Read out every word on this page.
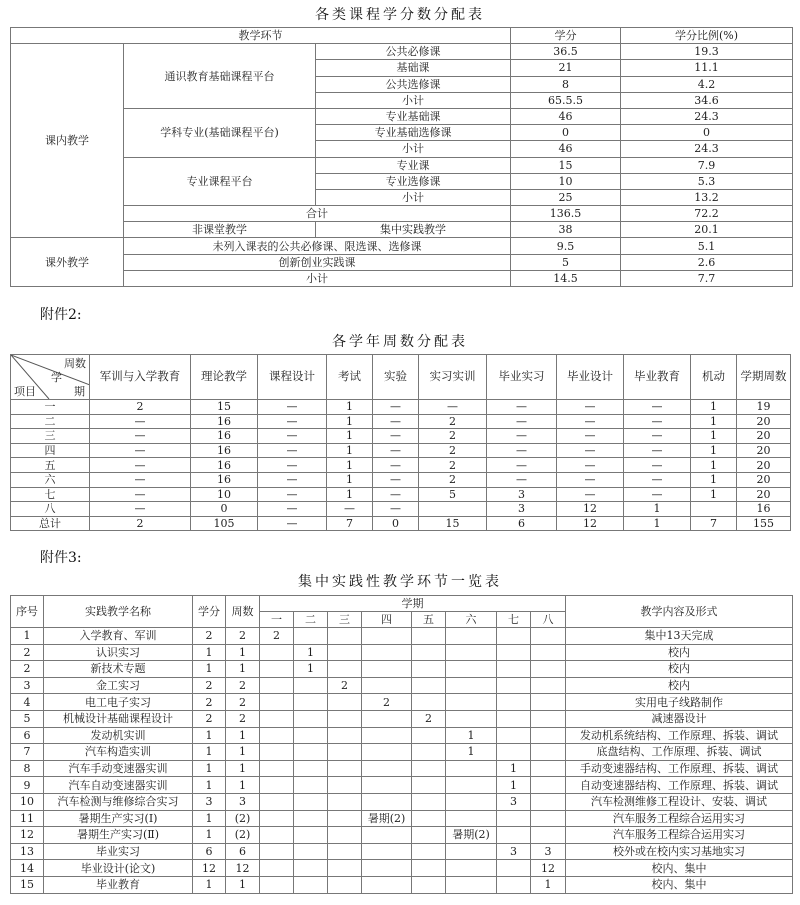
各类课程学分数分配表
教学环节			学分	学分比例(%)
课内教学	通识教育基础课程平台	公共必修课	36.5	19.3
		基础课	21	11.1
		公共选修课	8	4.2
		小计	65.5.5	34.6
	学科专业(基础课程平台)	专业基础课	46	24.3
		专业基础选修课	0	0
		小计	46	24.3
	专业课程平台	专业课	15	7.9
		专业选修课	10	5.3
		小计	25	13.2
	合计		136.5	72.2
	非课堂教学	集中实践教学	38	20.1
课外教学	未列入课表的公共必修课、限选课、选修课		9.5	5.1
	创新创业实践课		5	2.6
	小计		14.5	7.7
附件2:
各学年周数分配表
周数
学
期
项目	军训与入学教育	理论教学	课程设计	考试	实验	实习实训	毕业实习	毕业设计	毕业教育	机动	学期周数
一	2	15	—	1	—	—	—	—	—	1	19
二	—	16	—	1	—	2	—	—	—	1	20
三	—	16	—	1	—	2	—	—	—	1	20
四	—	16	—	1	—	2	—	—	—	1	20
五	—	16	—	1	—	2	—	—	—	1	20
六	—	16	—	1	—	2	—	—	—	1	20
七	—	10	—	1	—	5	3	—	—	1	20
八	—	0	—	—	—		3	12	1		16
总计	2	105	—	7	0	15	6	12	1	7	155
附件3:
集中实践性教学环节一览表
序号	实践教学名称	学分	周数	学期								教学内容及形式
				一	二	三	四	五	六	七	八	
1	入学教育、军训	2	2	2								集中13天完成
2	认识实习	1	1		1							校内
2	新技术专题	1	1		1							校内
3	金工实习	2	2			2						校内
4	电工电子实习	2	2				2					实用电子线路制作
5	机械设计基础课程设计	2	2					2				减速器设计
6	发动机实训	1	1						1			发动机系统结构、工作原理、拆装、调试
7	汽车构造实训	1	1						1			底盘结构、工作原理、拆装、调试
8	汽车手动变速器实训	1	1							1		手动变速器结构、工作原理、拆装、调试
9	汽车自动变速器实训	1	1							1		自动变速器结构、工作原理、拆装、调试
10	汽车检测与维修综合实习	3	3							3		汽车检测维修工程设计、安装、调试
11	暑期生产实习(Ⅰ)	1	(2)				暑期(2)					汽车服务工程综合运用实习
12	暑期生产实习(Ⅱ)	1	(2)						暑期(2)			汽车服务工程综合运用实习
13	毕业实习	6	6							3	3	校外或在校内实习基地实习
14	毕业设计(论文)	12	12								12	校内、集中
15	毕业教育	1	1								1	校内、集中
